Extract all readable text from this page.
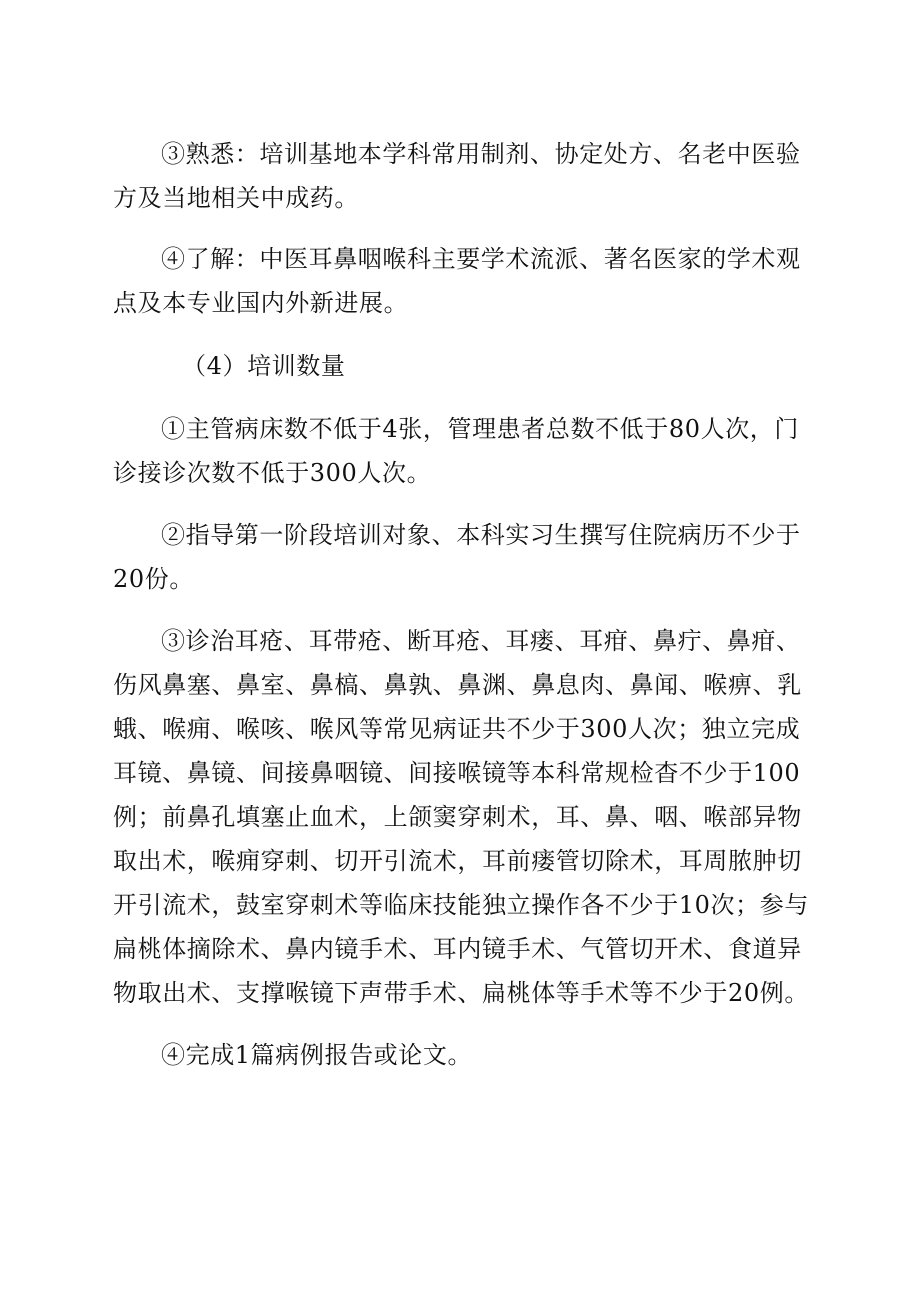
③熟悉：培训基地本学科常用制剂、协定处方、名老中医验
方及当地相关中成药。
④了解：中医耳鼻咽喉科主要学术流派、著名医家的学术观
点及本专业国内外新进展。
（4）培训数量
①主管病床数不低于4张，管理患者总数不低于80人次，门
诊接诊次数不低于300人次。
②指导第一阶段培训对象、本科实习生撰写住院病历不少于
20份。
③诊治耳疮、耳带疮、断耳疮、耳瘘、耳疳、鼻疔、鼻疳、
伤风鼻塞、鼻室、鼻槁、鼻孰、鼻渊、鼻息肉、鼻闻、喉痹、乳
蛾、喉痈、喉咳、喉风等常见病证共不少于300人次；独立完成
耳镜、鼻镜、间接鼻咽镜、间接喉镜等本科常规检杳不少于100
例；前鼻孔填塞止血术，上颌窦穿刺术，耳、鼻、咽、喉部异物
取出术，喉痈穿刺、切开引流术，耳前瘘管切除术，耳周脓肿切
开引流术，鼓室穿刺术等临床技能独立操作各不少于10次；参与
扁桃体摘除术、鼻内镜手术、耳内镜手术、气管切开术、食道异
物取出术、支撑喉镜下声带手术、扁桃体等手术等不少于20例。
④完成1篇病例报告或论文。
